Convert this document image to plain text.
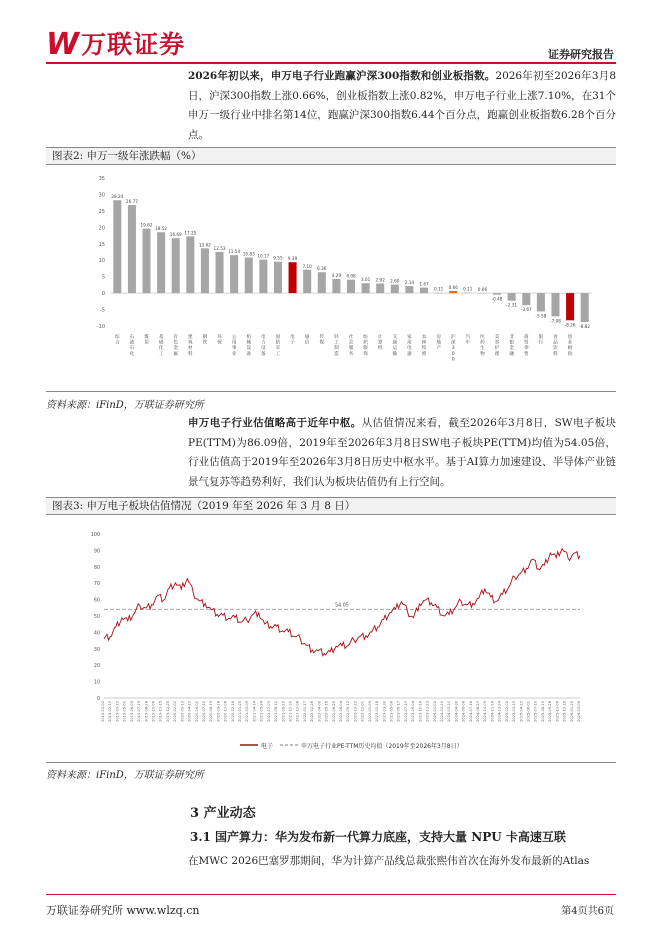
W 万联证券	证券研究报告
2026年初以来，申万电子行业跑赢沪深300指数和创业板指数。2026年初至2026年3月8日，沪深300指数上涨0.66%，创业板指数上涨0.82%，申万电子行业上涨7.10%，在31个申万一级行业中排名第14位，跑赢沪深300指数6.44个百分点，跑赢创业板指数6.28个百分点。
图表2: 申万一级年涨跌幅（%）
-10
-5
0
5
10
15
20
25
30
35
28.24
综合
26.77
石油石化
19.62
煤炭
18.52
基础化工
16.69
有色金属
17.25
建筑材料
13.62
钢铁
12.53
环保
11.54
公用事业
10.83
机械设备
10.17
电力设备
9.55
国防军工
9.39
电子
7.10
通信
6.36
传媒
4.29
轻工制造
4.08
社会服务
3.01
纺织服饰
2.92
计算机
2.60
交通运输
2.14
家用电器
1.67
农林牧渔
0.11
房地产
0.66
沪深 3 0 0
0.11
汽车
0.06
医药生物
-0.48
美容护理
-2.31
非银金融
-3.67
商贸零售
-5.58
银行
-7.08
食品饮料
-8.26
创业板指
-8.82
资料来源：iFinD，万联证券研究所
申万电子行业估值略高于近年中枢。从估值情况来看，截至2026年3月8日，SW电子板块PE(TTM)为86.09倍，2019年至2026年3月8日SW电子板块PE(TTM)均值为54.05倍，行业估值高于2019年至2026年3月8日历史中枢水平。基于AI算力加速建设、半导体产业链景气复苏等趋势利好，我们认为板块估值仍有上行空间。
图表3: 申万电子板块估值情况（2019 年至 2026 年 3 月 8 日）
0
10
20
30
40
50
60
70
80
90
100
2019-01-02 2019-02-10 2019-03-22 2019-05-01 2019-06-09 2019-07-19 2019-08-28 2019-10-06 2019-11-15 2019-12-25 2020-02-02 2020-03-13 2020-04-22 2020-06-01 2020-07-10 2020-08-19 2020-09-28 2020-11-06 2020-12-16 2021-01-25 2021-03-05 2021-04-14 2021-05-24 2021-07-03 2021-08-11 2021-09-20 2021-10-30 2021-12-08 2022-01-17 2022-02-26 2022-04-06 2022-05-16 2022-06-25 2022-08-04 2022-09-12 2022-10-22 2022-12-01 2023-01-09 2023-02-18 2023-03-30 2023-05-08 2023-06-17 2023-07-27 2023-09-04 2023-10-14 2023-11-23 2024-01-02 2024-02-10 2024-03-21 2024-04-30 2024-06-08 2024-07-18 2024-08-27 2024-10-05 2024-11-14 2024-12-24 2025-02-02 2025-03-13 2025-04-22 2025-06-01 2025-07-10 2025-08-19 2025-09-28 2025-11-06 2025-12-16 2026-01-25 2026-03-06
54.05
电子	申万电子行业PE-TTM历史均值（2019年至2026年3月8日）
资料来源：iFinD，万联证券研究所
3 产业动态
3.1 国产算力：华为发布新一代算力底座，支持大量 NPU 卡高速互联
在MWC 2026巴塞罗那期间，华为计算产品线总裁张熙伟首次在海外发布最新的Atlas
万联证券研究所 www.wlzq.cn	第4页共6页
